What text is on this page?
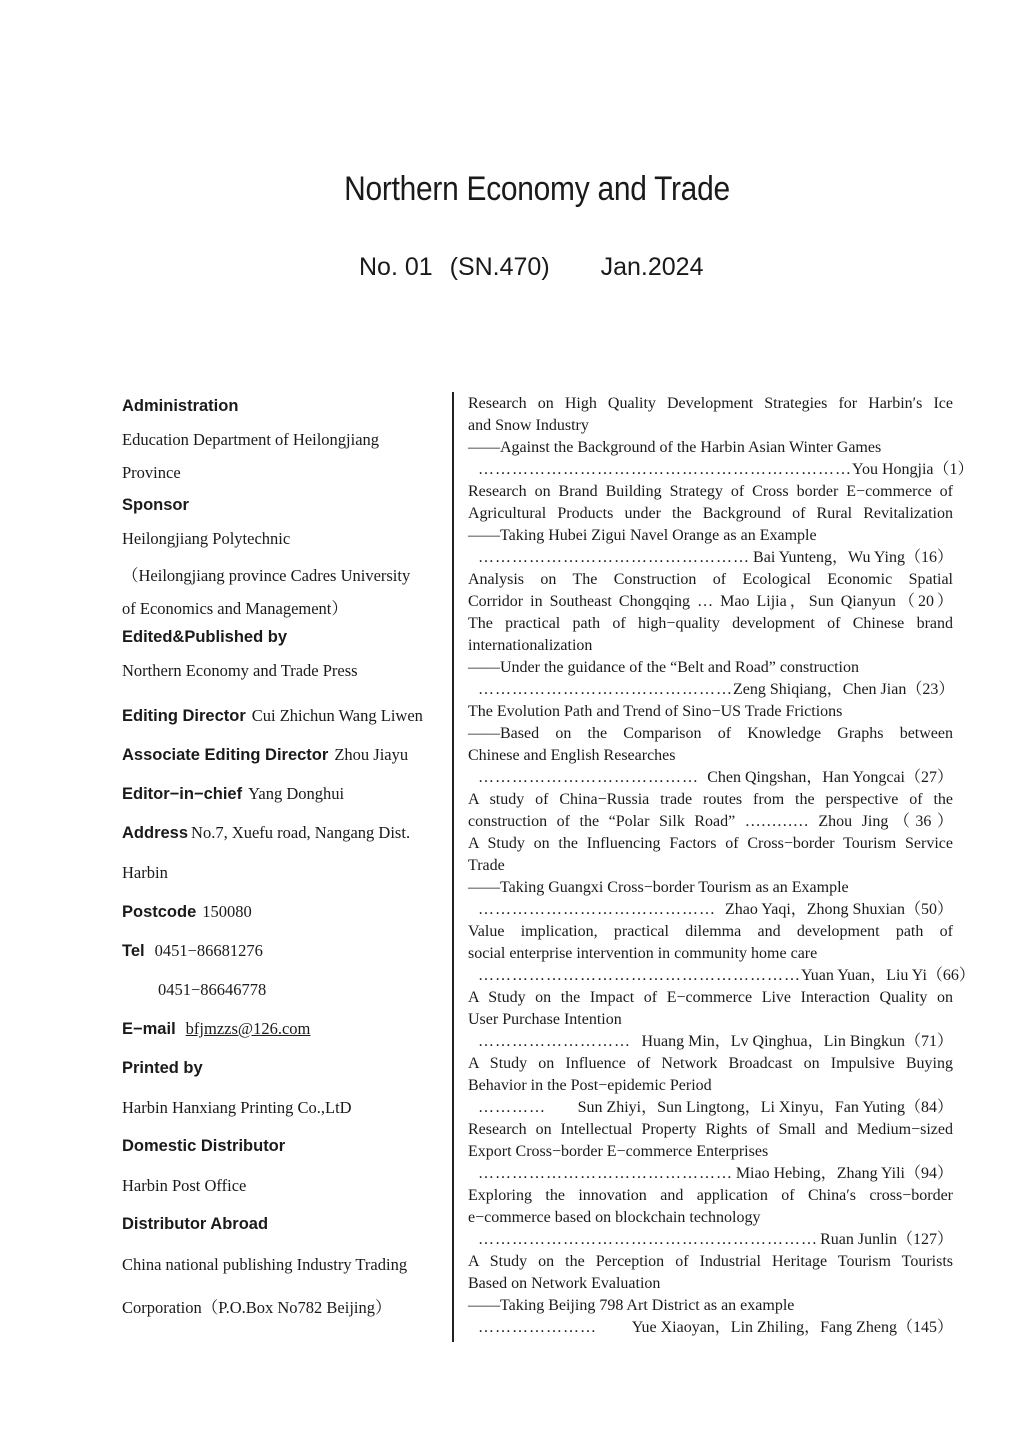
Northern Economy and Trade
No. 01 (SN.470) Jan.2024
Administration
Education Department of Heilongjiang
Province
Sponsor
Heilongjiang Polytechnic
（Heilongjiang province Cadres University
of Economics and Management）
Edited&Published by
Northern Economy and Trade Press
Editing Director Cui Zhichun Wang Liwen
Associate Editing Director Zhou Jiayu
Editor−in−chief Yang Donghui
Address No.7, Xuefu road, Nangang Dist.
Harbin
Postcode 150080
Tel 0451−86681276
0451−86646778
E−mail bfjmzzs@126.com
Printed by
Harbin Hanxiang Printing Co.,LtD
Domestic Distributor
Harbin Post Office
Distributor Abroad
China national publishing Industry Trading
Corporation（P.O.Box No782 Beijing）
Research on High Quality Development Strategies for Harbin′s Ice
and Snow Industry
——Against the Background of the Harbin Asian Winter Games
………………………………………………………… You Hongjia（1）
Research on Brand Building Strategy of Cross border E−commerce of
Agricultural Products under the Background of Rural Revitalization
——Taking Hubei Zigui Navel Orange as an Example
………………………………………… Bai Yunteng，Wu Ying（16）
Analysis on The Construction of Ecological Economic Spatial
Corridor in Southeast Chongqing … Mao Lijia，Sun Qianyun（20）
The practical path of high−quality development of Chinese brand
internationalization
——Under the guidance of the “Belt and Road” construction
……………………………………… Zeng Shiqiang，Chen Jian（23）
The Evolution Path and Trend of Sino−US Trade Frictions
——Based on the Comparison of Knowledge Graphs between
Chinese and English Researches
………………………………… Chen Qingshan，Han Yongcai（27）
A study of China−Russia trade routes from the perspective of the
construction of the “Polar Silk Road” ………… Zhou Jing（36）
A Study on the Influencing Factors of Cross−border Tourism Service
Trade
——Taking Guangxi Cross−border Tourism as an Example
…………………………………… Zhao Yaqi，Zhong Shuxian（50）
Value implication, practical dilemma and development path of
social enterprise intervention in community home care
………………………………………………… Yuan Yuan，Liu Yi（66）
A Study on the Impact of E−commerce Live Interaction Quality on
User Purchase Intention
……………………… Huang Min，Lv Qinghua，Lin Bingkun（71）
A Study on Influence of Network Broadcast on Impulsive Buying
Behavior in the Post−epidemic Period
………… Sun Zhiyi，Sun Lingtong，Li Xinyu，Fan Yuting（84）
Research on Intellectual Property Rights of Small and Medium−sized
Export Cross−border E−commerce Enterprises
……………………………………… Miao Hebing，Zhang Yili（94）
Exploring the innovation and application of China′s cross−border
e−commerce based on blockchain technology
…………………………………………………… Ruan Junlin（127）
A Study on the Perception of Industrial Heritage Tourism Tourists
Based on Network Evaluation
——Taking Beijing 798 Art District as an example
………………… Yue Xiaoyan，Lin Zhiling，Fang Zheng（145）
